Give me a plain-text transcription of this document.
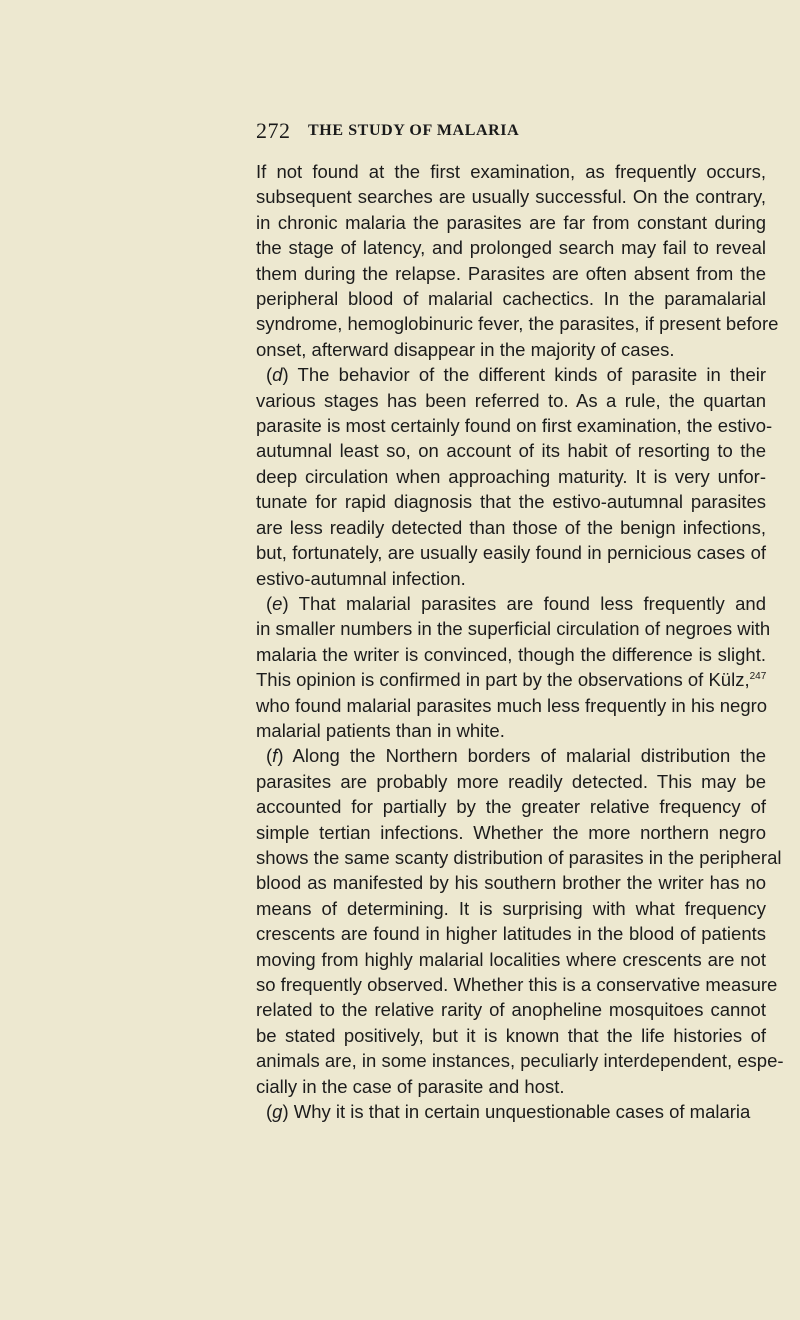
272 THE STUDY OF MALARIA
If not found at the first examination, as frequently occurs,
subsequent searches are usually successful. On the contrary,
in chronic malaria the parasites are far from constant during
the stage of latency, and prolonged search may fail to reveal
them during the relapse. Parasites are often absent from the
peripheral blood of malarial cachectics. In the paramalarial
syndrome, hemoglobinuric fever, the parasites, if present before
onset, afterward disappear in the majority of cases.
(d) The behavior of the different kinds of parasite in their
various stages has been referred to. As a rule, the quartan
parasite is most certainly found on first examination, the estivo-
autumnal least so, on account of its habit of resorting to the
deep circulation when approaching maturity. It is very unfor-
tunate for rapid diagnosis that the estivo-autumnal parasites
are less readily detected than those of the benign infections,
but, fortunately, are usually easily found in pernicious cases of
estivo-autumnal infection.
(e) That malarial parasites are found less frequently and
in smaller numbers in the superficial circulation of negroes with
malaria the writer is convinced, though the difference is slight.
This opinion is confirmed in part by the observations of Külz,$^{247}$
who found malarial parasites much less frequently in his negro
malarial patients than in white.
(f) Along the Northern borders of malarial distribution the
parasites are probably more readily detected. This may be
accounted for partially by the greater relative frequency of
simple tertian infections. Whether the more northern negro
shows the same scanty distribution of parasites in the peripheral
blood as manifested by his southern brother the writer has no
means of determining. It is surprising with what frequency
crescents are found in higher latitudes in the blood of patients
moving from highly malarial localities where crescents are not
so frequently observed. Whether this is a conservative measure
related to the relative rarity of anopheline mosquitoes cannot
be stated positively, but it is known that the life histories of
animals are, in some instances, peculiarly interdependent, espe-
cially in the case of parasite and host.
(g) Why it is that in certain unquestionable cases of malaria
